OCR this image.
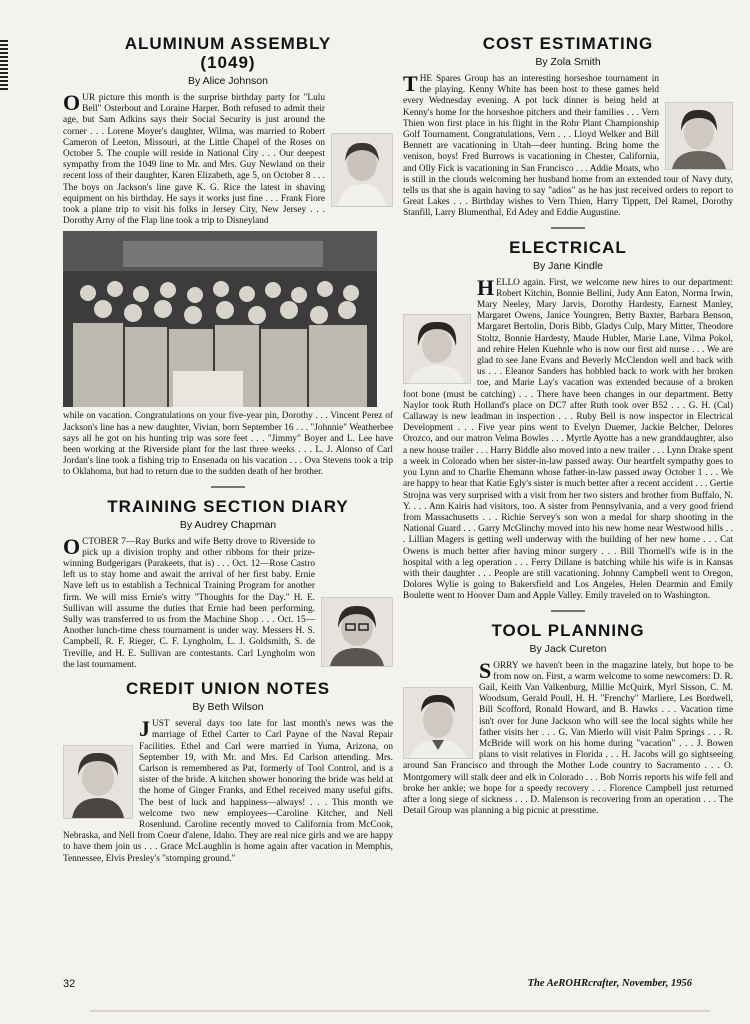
ALUMINUM ASSEMBLY
(1049)
By Alice Johnson

OUR picture this month is the surprise birthday party for "Lulu Bell" Osterbout and Loraine Harper. Both refused to admit their age, but Sam Adkins says their Social Security is just around the corner . . . Lorene Moyer's daughter, Wilma, was married to Robert Cameron of Leeton, Missouri, at the Little Chapel of the Roses on October 5. The couple will reside in National City . . . Our deepest sympathy from the 1049 line to Mr. and Mrs. Guy Newland on their recent loss of their daughter, Karen Elizabeth, age 5, on October 8 . . . The boys on Jackson's line gave K. G. Rice the latest in shaving equipment on his birthday. He says it works just fine . . . Frank Fiore took a plane trip to visit his folks in Jersey City, New Jersey . . . Dorothy Arny of the Flap line took a trip to Disneyland

while on vacation. Congratulations on your five-year pin, Dorothy . . . Vincent Perez of Jackson's line has a new daughter, Vivian, born September 16 . . . "Johnnie" Weatherbee says all he got on his hunting trip was sore feet . . . "Jimmy" Boyer and L. Lee have been working at the Riverside plant for the last three weeks . . . L. J. Alonso of Carl Jordan's line took a fishing trip to Ensenada on his vacation . . . Ova Stevens took a trip to Oklahoma, but had to return due to the sudden death of her brother.

TRAINING SECTION DIARY
By Audrey Chapman

OCTOBER 7—Ray Burks and wife Betty drove to Riverside to pick up a division trophy and other ribbons for their prize-winning Budgerigars (Parakeets, that is) . . . Oct. 12—Rose Castro left us to stay home and await the arrival of her first baby. Ernie Nave left us to establish a Technical Training Program for another firm. We will miss Ernie's witty "Thoughts for the Day." H. E. Sullivan will assume the duties that Ernie had been performing. Sully was transferred to us from the Machine Shop . . . Oct. 15—Another lunch-time chess tournament is under way. Messers H. S. Campbell, R. F. Rieger, C. F. Lyngholm, L. J. Goldsmith, S. de Treville, and H. E. Sullivan are contestants. Carl Lyngholm won the last tournament.

CREDIT UNION NOTES
By Beth Wilson

JUST several days too late for last month's news was the marriage of Ethel Carter to Carl Payne of the Naval Repair Facilities. Ethel and Carl were married in Yuma, Arizona, on September 19, with Mr. and Mrs. Ed Carlson attending. Mrs. Carlson is remembered as Pat, formerly of Tool Control, and is a sister of the bride. A kitchen shower honoring the bride was held at the home of Ginger Franks, and Ethel received many useful gifts. The best of luck and happiness—always! . . . This month we welcome two new employees—Caroline Kitcher, and Nell Rosenlund. Caroline recently moved to California from McCook, Nebraska, and Nell from Coeur d'alene, Idaho. They are real nice girls and we are happy to have them join us . . . Grace McLaughlin is home again after vacation in Memphis, Tennessee, Elvis Presley's "stomping ground."

COST ESTIMATING
By Zola Smith

THE Spares Group has an interesting horseshoe tournament in the playing. Kenny White has been host to these games held every Wednesday evening. A pot luck dinner is being held at Kenny's home for the horseshoe pitchers and their families . . . Vern Thien won first place in his flight in the Rohr Plant Championship Golf Tournament. Congratulations, Vern . . . Lloyd Welker and Bill Bennett are vacationing in Utah—deer hunting. Bring home the venison, boys! Fred Burrows is vacationing in Chester, California, and Olly Fick is vacationing in San Francisco . . . Addie Moats, who is still in the clouds welcoming her husband home from an extended tour of Navy duty, tells us that she is again having to say "adios" as he has just received orders to report to Great Lakes . . . Birthday wishes to Vern Thien, Harry Tippett, Del Ramel, Dorothy Stanfill, Larry Blumenthal, Ed Adey and Eddie Augustine.

ELECTRICAL
By Jane Kindle

HELLO again. First, we welcome new hires to our department: Robert Kitchin, Bonnie Bellini, Judy Ann Eaton, Norma Irwin, Mary Neeley, Mary Jarvis, Dorothy Hardesty, Earnest Manley, Margaret Owens, Janice Youngren, Betty Baxter, Barbara Benson, Margaret Bertolin, Doris Bibb, Gladys Culp, Mary Mitter, Theodore Stoltz, Bonnie Hardesty, Maude Hubler, Marie Lane, Vilma Pokol, and rehire Helen Kuehnle who is now our first aid nurse . . . We are glad to see Jane Evans and Beverly McClendon well and back with us . . . Eleanor Sanders has hobbled back to work with her broken toe, and Marie Lay's vacation was extended because of a broken foot bone (must be catching) . . . There have been changes in our department. Betty Naylor took Ruth Holland's place on DC7 after Ruth took over B52 . . . G. H. (Cal) Callaway is new leadman in inspection . . . Ruby Bell is now inspector in Electrical Development . . . Five year pins went to Evelyn Duemer, Jackie Belcher, Delores Orozco, and our matron Velma Bowles . . . Myrtle Ayotte has a new granddaughter, also a new house trailer . . . Harry Biddle also moved into a new trailer . . . Lynn Drake spent a week in Colorado when her sister-in-law passed away. Our heartfelt sympathy goes to you Lynn and to Charlie Ehemann whose father-in-law passed away October 1 . . . We are happy to hear that Katie Egly's sister is much better after a recent accident . . . Gertie Strojna was very surprised with a visit from her two sisters and brother from Buffalo, N. Y. . . . Ann Kairis had visitors, too. A sister from Pennsylvania, and a very good friend from Massachusetts . . . Richie Servey's son won a medal for sharp shooting in the National Guard . . . Garry McGlinchy moved into his new home near Westwood hills . . . Lillian Magers is getting well underway with the building of her new home . . . Cat Owens is much better after having minor surgery . . . Bill Thornell's wife is in the hospital with a leg operation . . . Ferry Dillane is batching while his wife is in Kansas with their daughter . . . People are still vacationing. Johnny Campbell went to Oregon, Dolores Wylie is going to Bakersfield and Los Angeles, Helen Dearmin and Emily Boulette went to Hoover Dam and Apple Valley. Emily traveled on to Washington.

TOOL PLANNING
By Jack Cureton

SORRY we haven't been in the magazine lately, but hope to be from now on. First, a warm welcome to some newcomers: D. R. Gail, Keith Van Valkenburg, Millie McQuirk, Myrl Sisson, C. M. Woodsum, Gerald Poull, H. H. "Frenchy" Marliere, Les Bordwell, Bill Scofford, Ronald Howard, and B. Hawks . . . Vacation time isn't over for June Jackson who will see the local sights while her father visits her . . . G. Van Mierlo will visit Palm Springs . . . R. McBride will work on his home during "vacation" . . . J. Bowen plans to visit relatives in Florida . . . H. Jacobs will go sightseeing around San Francisco and through the Mother Lode country to Sacramento . . . O. Montgomery will stalk deer and elk in Colorado . . . Bob Norris reports his wife fell and broke her ankle; we hope for a speedy recovery . . . Florence Campbell just returned after a long siege of sickness . . . D. Malenson is recovering from an operation . . . The Detail Group was planning a big picnic at presstime.

32	The AeROHRcrafter, November, 1956
